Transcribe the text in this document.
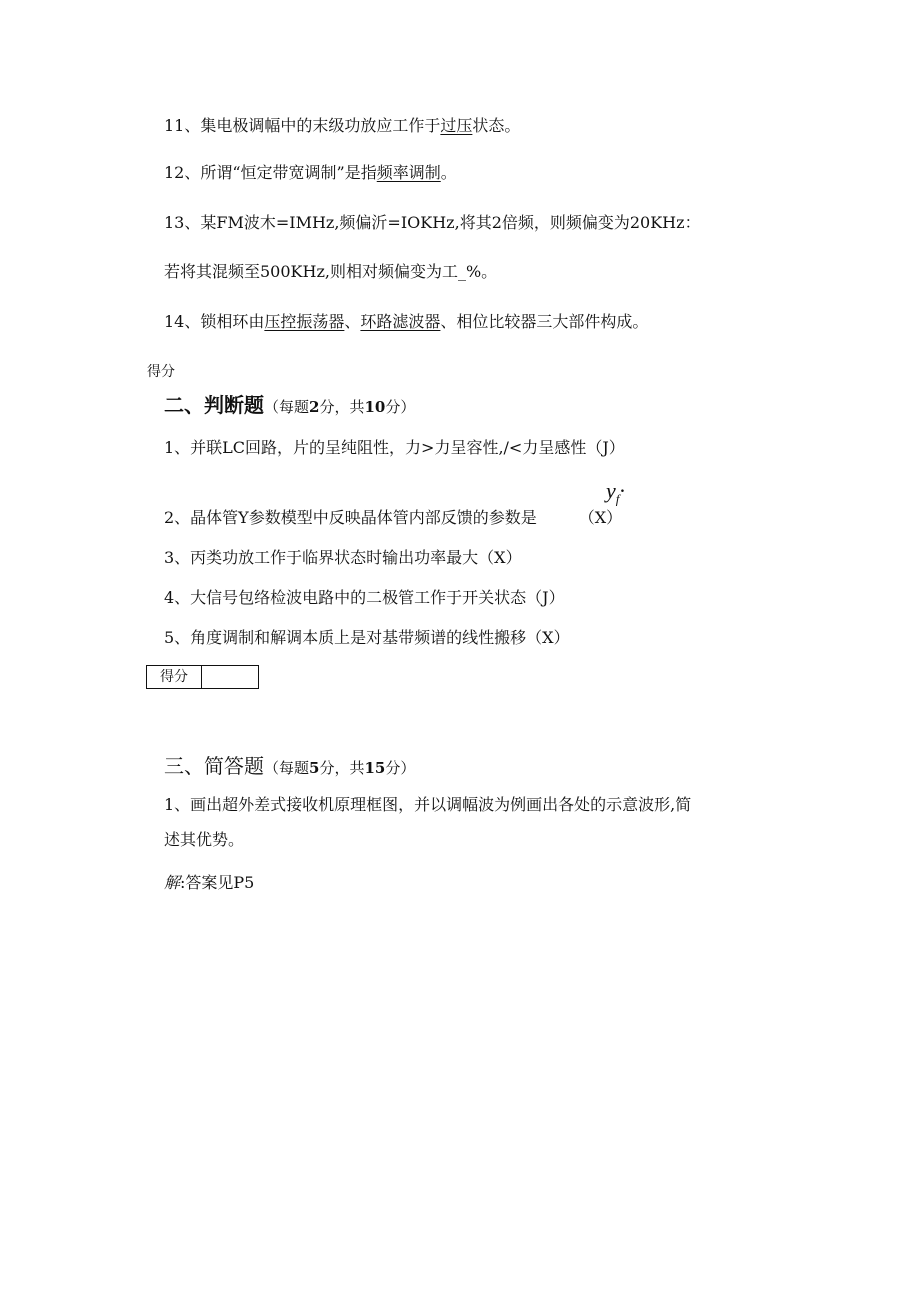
11、集电极调幅中的末级功放应工作于过压状态。
12、所谓“恒定带宽调制”是指频率调制。
13、某FM波木=IMHz,频偏沂=IOKHz,将其2倍频，则频偏变为20KHz：
若将其混频至500KHz,则相对频偏变为工_%。
14、锁相环由压控振荡器、环路滤波器、相位比较器三大部件构成。
得分
二、判断题（每题2分，共10分）
1、并联LC回路，片的呈纯阻性，力>力呈容性,/<力呈感性（J）
$y_f\cdot$
2、晶体管Y参数模型中反映晶体管内部反馈的参数是	（X）
3、丙类功放工作于临界状态时输出功率最大（X）
4、大信号包络检波电路中的二极管工作于开关状态（J）
5、角度调制和解调本质上是对基带频谱的线性搬移（X）
得分
三、简答题（每题5分，共15分）
1、画出超外差式接收机原理框图，并以调幅波为例画出各处的示意波形,简
述其优势。
解:答案见P5
